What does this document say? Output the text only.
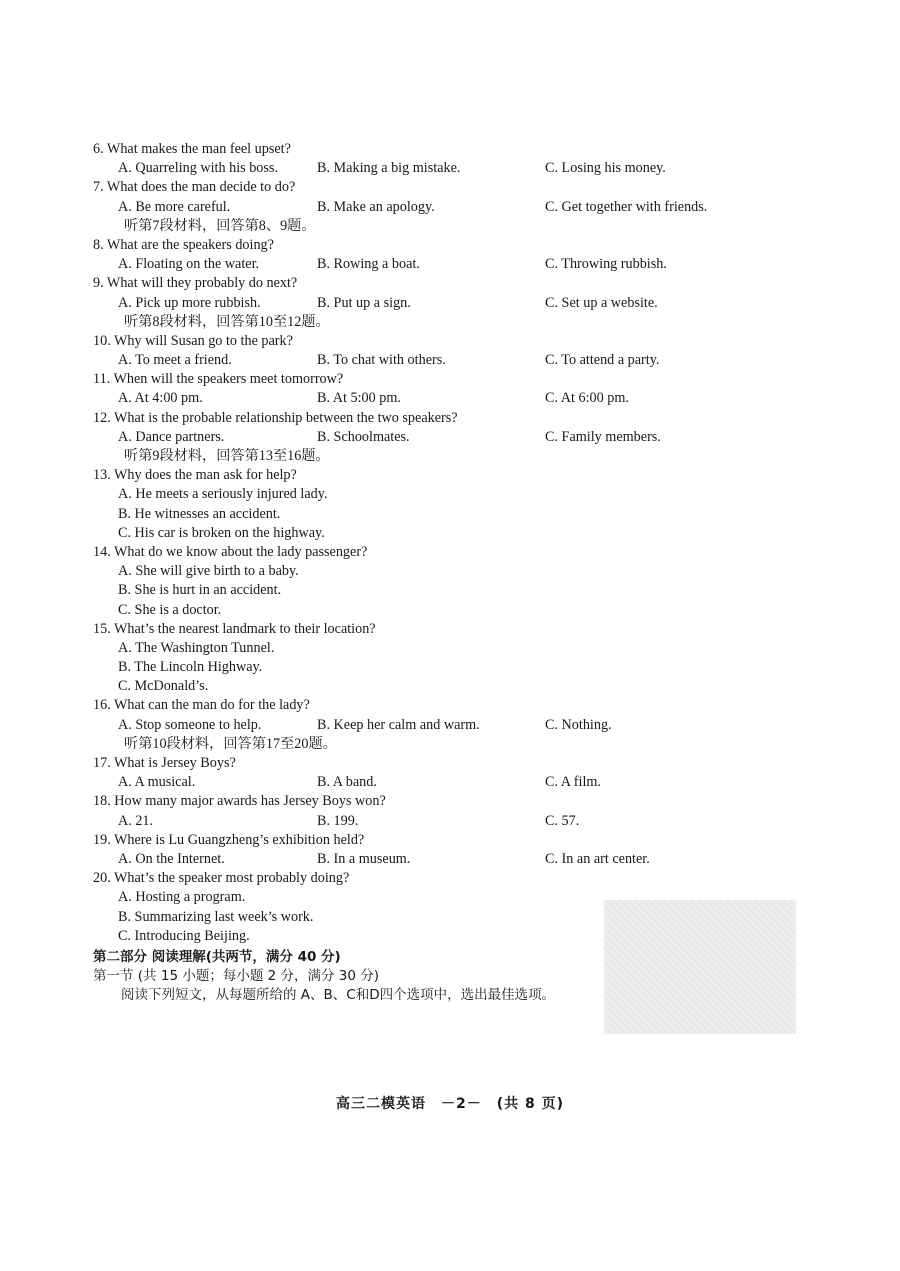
6. What makes the man feel upset?
A. Quarreling with his boss.	B. Making a big mistake.	C. Losing his money.
7. What does the man decide to do?
A. Be more careful.	B. Make an apology.	C. Get together with friends.
听第7段材料，回答第8、9题。
8. What are the speakers doing?
A. Floating on the water.	B. Rowing a boat.	C. Throwing rubbish.
9. What will they probably do next?
A. Pick up more rubbish.	B. Put up a sign.	C. Set up a website.
听第8段材料，回答第10至12题。
10. Why will Susan go to the park?
A. To meet a friend.	B. To chat with others.	C. To attend a party.
11. When will the speakers meet tomorrow?
A. At 4:00 pm.	B. At 5:00 pm.	C. At 6:00 pm.
12. What is the probable relationship between the two speakers?
A. Dance partners.	B. Schoolmates.	C. Family members.
听第9段材料，回答第13至16题。
13. Why does the man ask for help?
A. He meets a seriously injured lady.
B. He witnesses an accident.
C. His car is broken on the highway.
14. What do we know about the lady passenger?
A. She will give birth to a baby.
B. She is hurt in an accident.
C. She is a doctor.
15. What’s the nearest landmark to their location?
A. The Washington Tunnel.
B. The Lincoln Highway.
C. McDonald’s.
16. What can the man do for the lady?
A. Stop someone to help.	B. Keep her calm and warm.	C. Nothing.
听第10段材料，回答第17至20题。
17. What is Jersey Boys?
A. A musical.	B. A band.	C. A film.
18. How many major awards has Jersey Boys won?
A. 21.	B. 199.	C. 57.
19. Where is Lu Guangzheng’s exhibition held?
A. On the Internet.	B. In a museum.	C. In an art center.
20. What’s the speaker most probably doing?
A. Hosting a program.
B. Summarizing last week’s work.
C. Introducing Beijing.
第二部分 阅读理解(共两节，满分 40 分)
第一节 (共 15 小题；每小题 2 分，满分 30 分)
阅读下列短文，从每题所给的 A、B、C和D四个选项中，选出最佳选项。
高三二模英语　－2－　(共 8 页)
